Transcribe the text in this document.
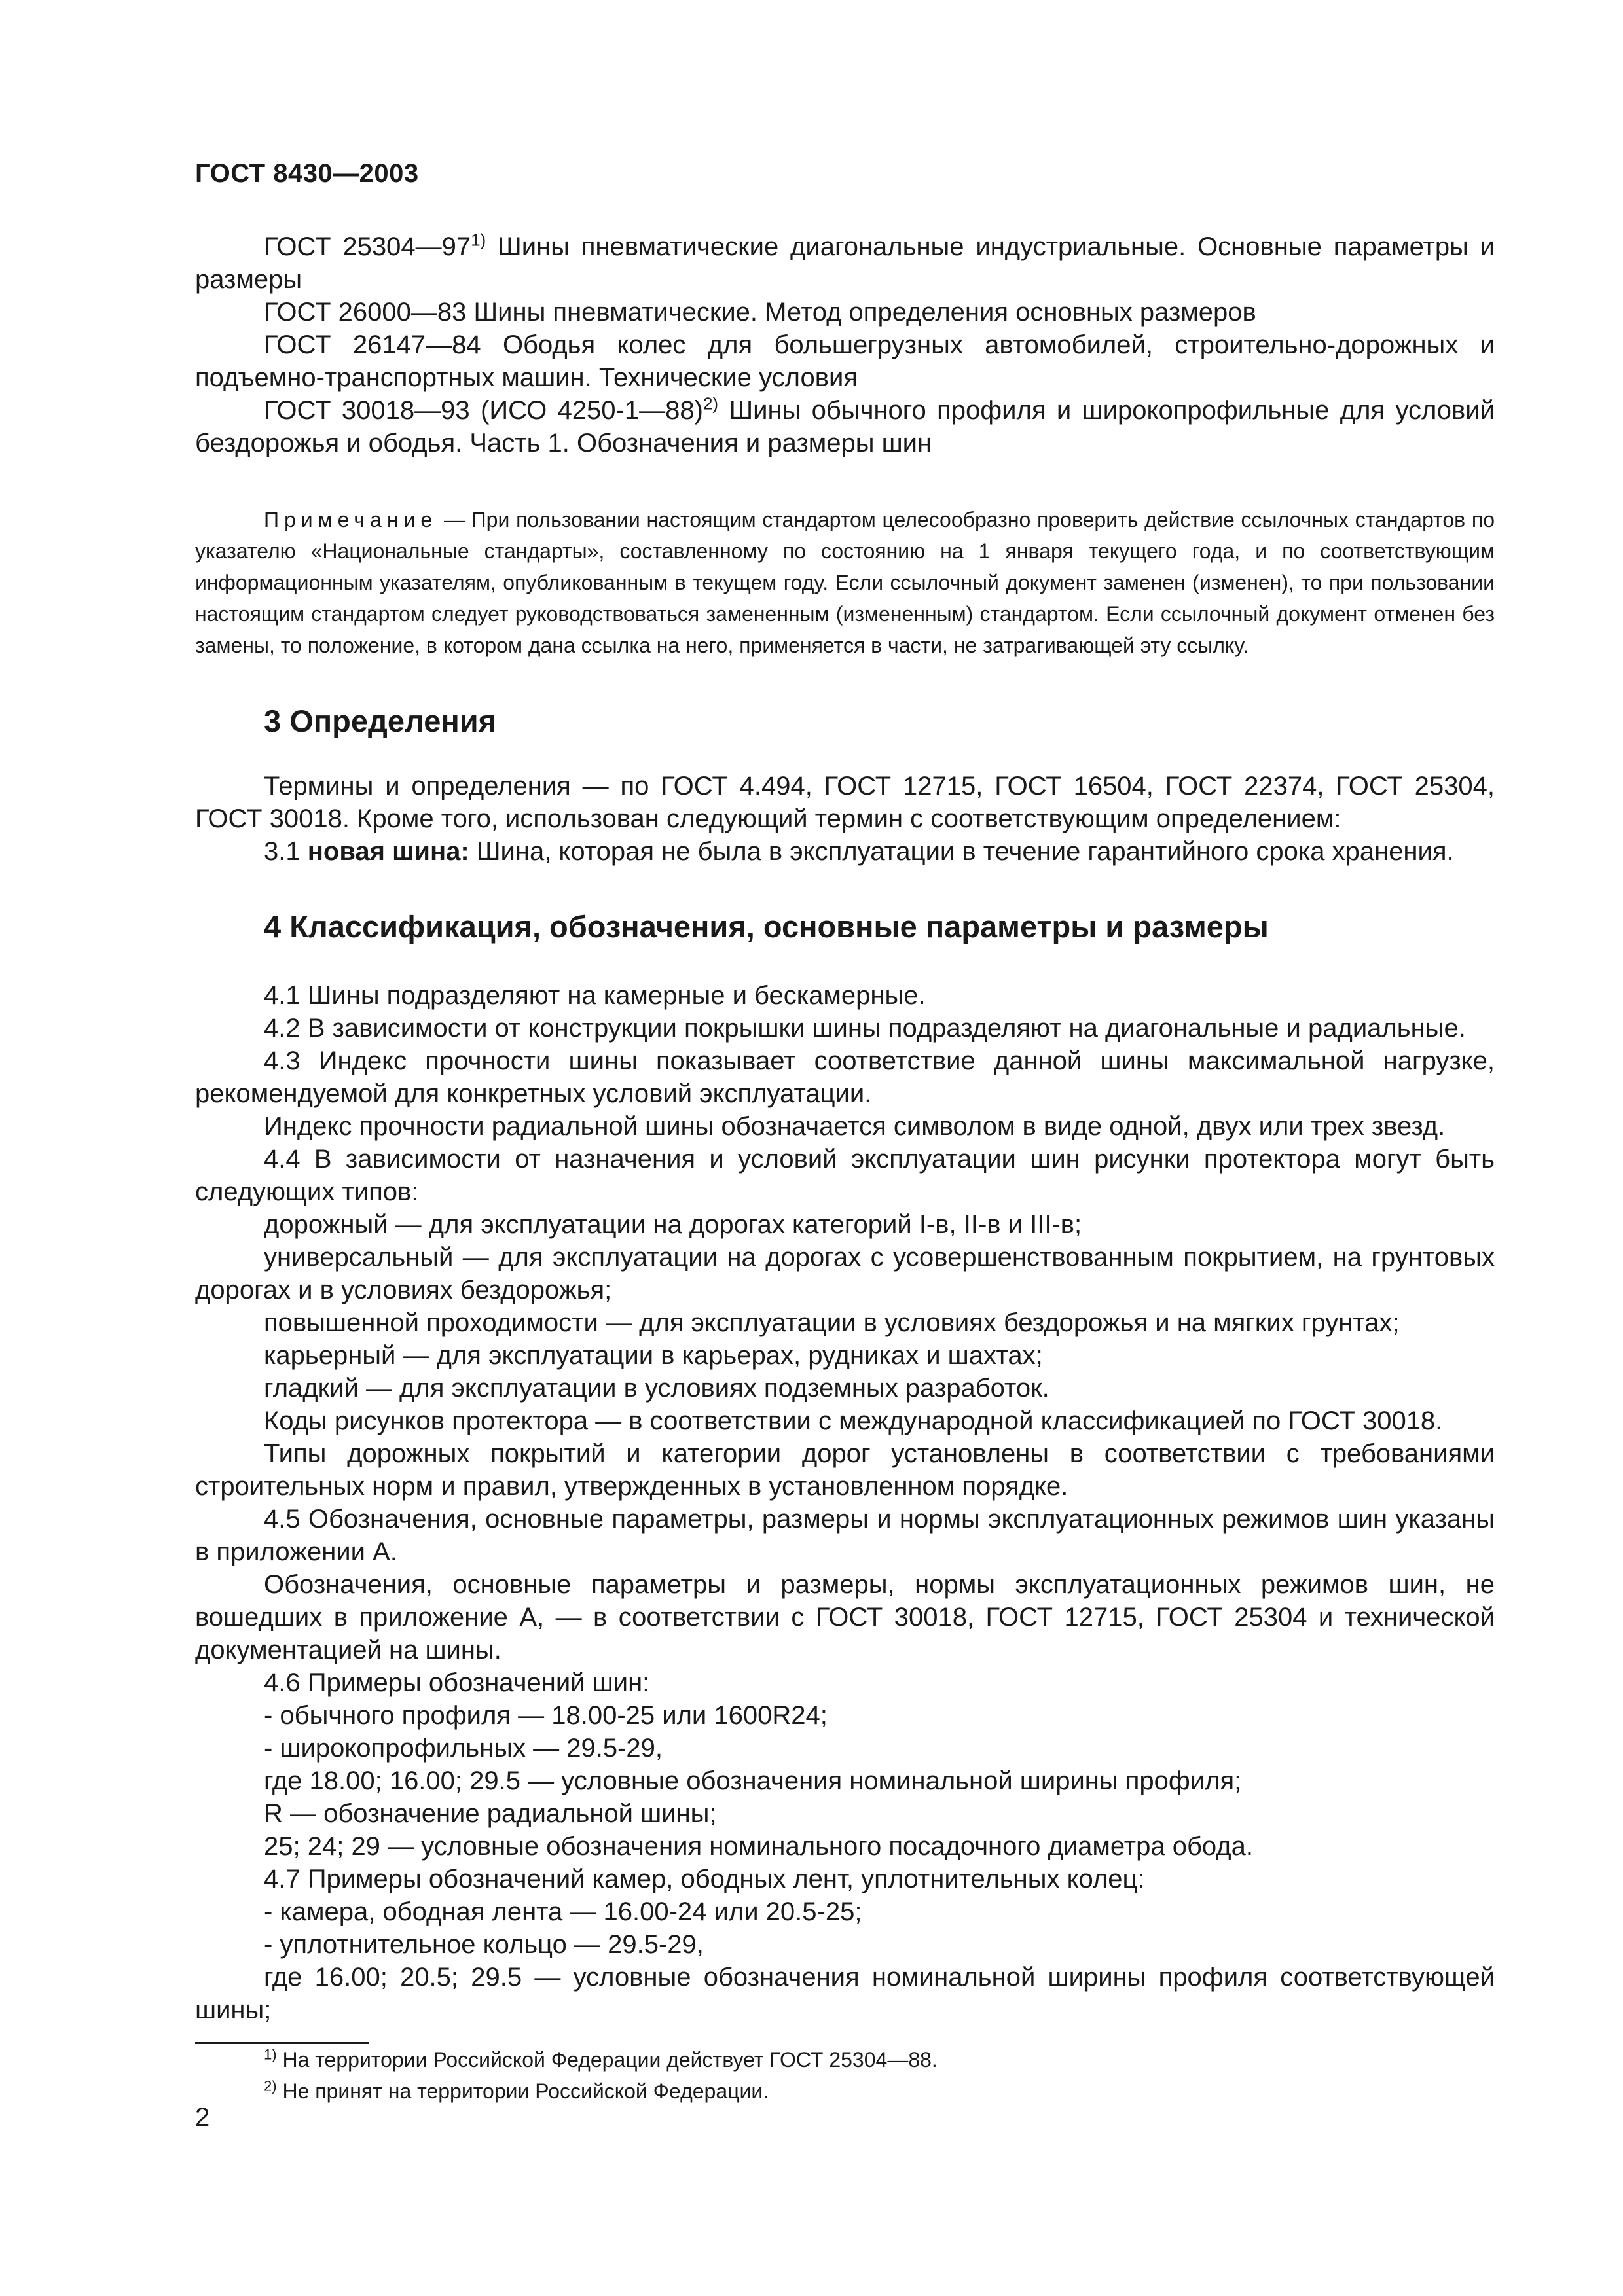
ГОСТ 8430—2003

ГОСТ 25304—97$^{1)}$ Шины пневматические диагональные индустриальные. Основные параметры и размеры

ГОСТ 26000—83 Шины пневматические. Метод определения основных размеров

ГОСТ 26147—84 Ободья колес для большегрузных автомобилей, строительно-дорожных и подъемно-транспортных машин. Технические условия

ГОСТ 30018—93 (ИСО 4250-1—88)$^{2)}$ Шины обычного профиля и широкопрофильные для условий бездорожья и ободья. Часть 1. Обозначения и размеры шин

Примечание — При пользовании настоящим стандартом целесообразно проверить действие ссылочных стандартов по указателю «Национальные стандарты», составленному по состоянию на 1 января текущего года, и по соответствующим информационным указателям, опубликованным в текущем году. Если ссылочный документ заменен (изменен), то при пользовании настоящим стандартом следует руководствоваться замененным (измененным) стандартом. Если ссылочный документ отменен без замены, то положение, в котором дана ссылка на него, применяется в части, не затрагивающей эту ссылку.

3 Определения

Термины и определения — по ГОСТ 4.494, ГОСТ 12715, ГОСТ 16504, ГОСТ 22374, ГОСТ 25304, ГОСТ 30018. Кроме того, использован следующий термин с соответствующим определением:

3.1 новая шина: Шина, которая не была в эксплуатации в течение гарантийного срока хранения.

4 Классификация, обозначения, основные параметры и размеры

4.1 Шины подразделяют на камерные и бескамерные.

4.2 В зависимости от конструкции покрышки шины подразделяют на диагональные и радиальные.

4.3 Индекс прочности шины показывает соответствие данной шины максимальной нагрузке, рекомендуемой для конкретных условий эксплуатации.

Индекс прочности радиальной шины обозначается символом в виде одной, двух или трех звезд.

4.4 В зависимости от назначения и условий эксплуатации шин рисунки протектора могут быть следующих типов:

дорожный — для эксплуатации на дорогах категорий I-в, II-в и III-в;

универсальный — для эксплуатации на дорогах с усовершенствованным покрытием, на грунтовых дорогах и в условиях бездорожья;

повышенной проходимости — для эксплуатации в условиях бездорожья и на мягких грунтах;

карьерный — для эксплуатации в карьерах, рудниках и шахтах;

гладкий — для эксплуатации в условиях подземных разработок.

Коды рисунков протектора — в соответствии с международной классификацией по ГОСТ 30018.

Типы дорожных покрытий и категории дорог установлены в соответствии с требованиями строительных норм и правил, утвержденных в установленном порядке.

4.5 Обозначения, основные параметры, размеры и нормы эксплуатационных режимов шин указаны в приложении А.

Обозначения, основные параметры и размеры, нормы эксплуатационных режимов шин, не вошедших в приложение А, — в соответствии с ГОСТ 30018, ГОСТ 12715, ГОСТ 25304 и технической документацией на шины.

4.6 Примеры обозначений шин:

- обычного профиля — 18.00-25 или 1600R24;

- широкопрофильных — 29.5-29,

где 18.00; 16.00; 29.5 — условные обозначения номинальной ширины профиля;

R — обозначение радиальной шины;

25; 24; 29 — условные обозначения номинального посадочного диаметра обода.

4.7 Примеры обозначений камер, ободных лент, уплотнительных колец:

- камера, ободная лента — 16.00-24 или 20.5-25;

- уплотнительное кольцо — 29.5-29,

где 16.00; 20.5; 29.5 — условные обозначения номинальной ширины профиля соответствующей шины;

$^{1)}$ На территории Российской Федерации действует ГОСТ 25304—88.

$^{2)}$ Не принят на территории Российской Федерации.

2
